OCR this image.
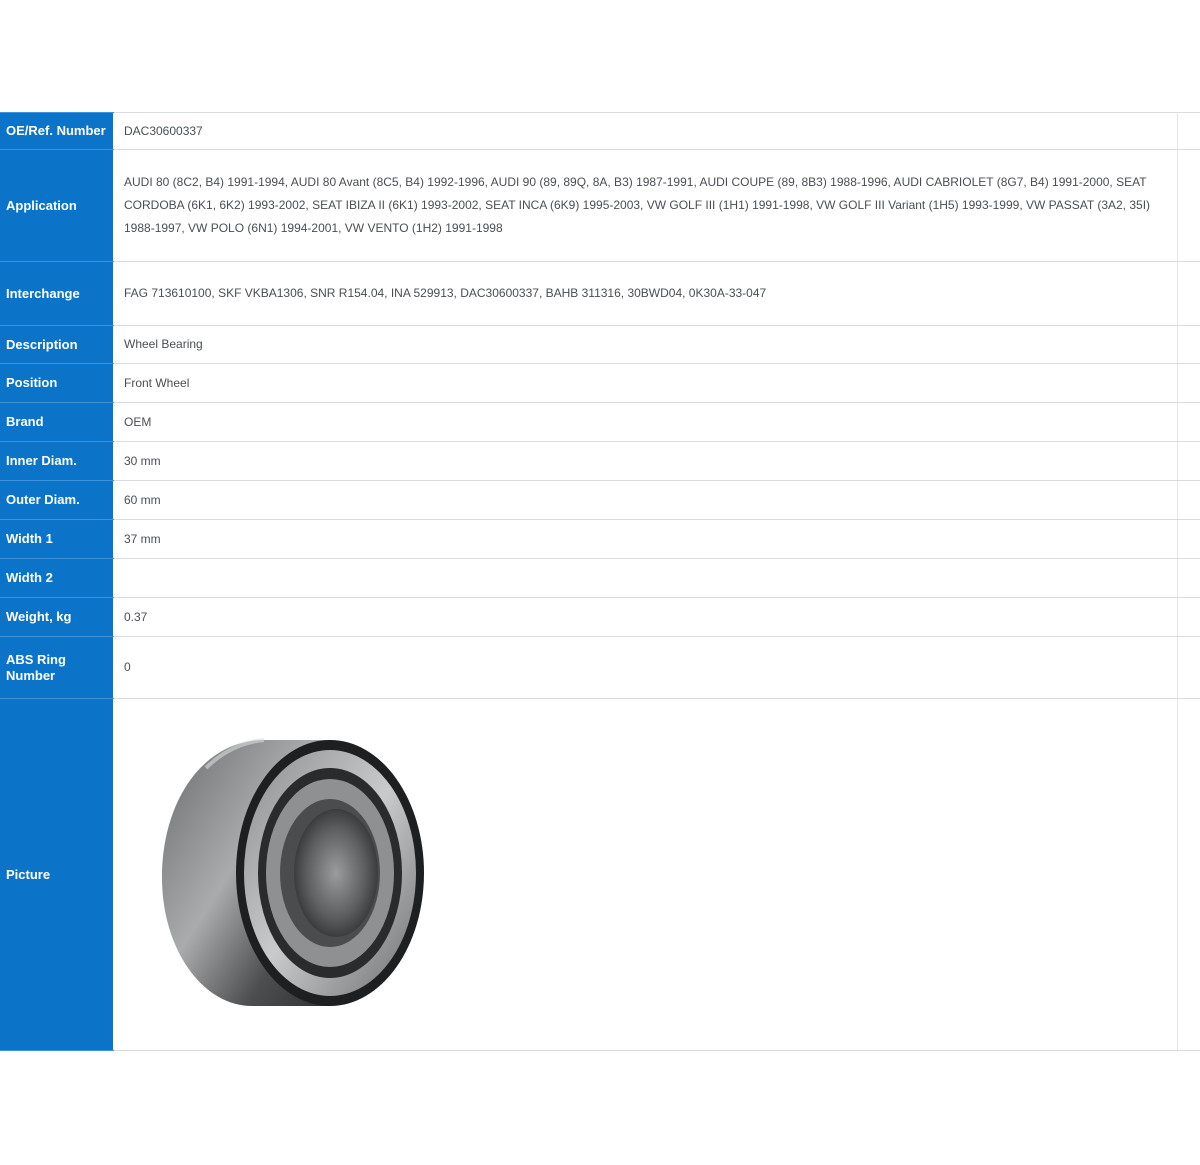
OE/Ref. Number	DAC30600337	
Application	AUDI 80 (8C2, B4) 1991-1994, AUDI 80 Avant (8C5, B4) 1992-1996, AUDI 90 (89, 89Q, 8A, B3) 1987-1991, AUDI COUPE (89, 8B3) 1988-1996, AUDI CABRIOLET (8G7, B4) 1991-2000, SEAT CORDOBA (6K1, 6K2) 1993-2002, SEAT IBIZA II (6K1) 1993-2002, SEAT INCA (6K9) 1995-2003, VW GOLF III (1H1) 1991-1998, VW GOLF III Variant (1H5) 1993-1999, VW PASSAT (3A2, 35I) 1988-1997, VW POLO (6N1) 1994-2001, VW VENTO (1H2) 1991-1998	
Interchange	FAG 713610100, SKF VKBA1306, SNR R154.04, INA 529913, DAC30600337, BAHB 311316, 30BWD04, 0K30A-33-047	
Description	Wheel Bearing	
Position	Front Wheel	
Brand	OEM	
Inner Diam.	30 mm	
Outer Diam.	60 mm	
Width 1	37 mm	
Width 2		
Weight, kg	0.37	
ABS Ring Number	0	
Picture	
